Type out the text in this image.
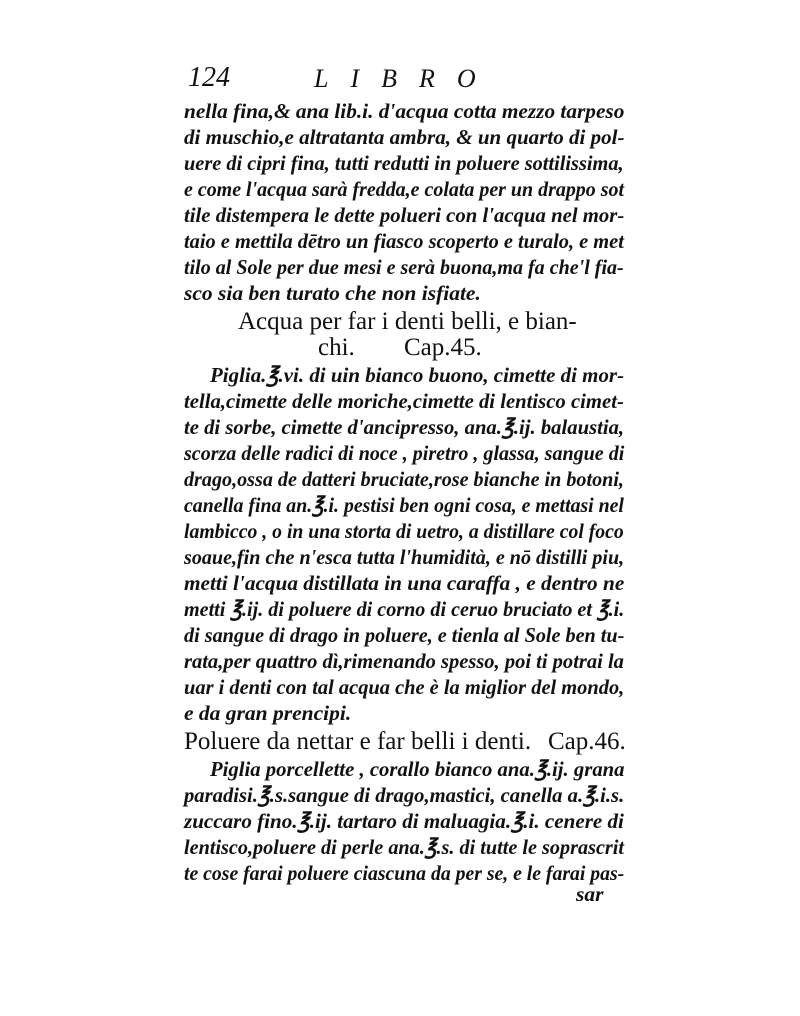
124	LIBRO
nella fina,& ana lib.i. d'acqua cotta mezzo tarpeso
di muschio,e altratanta ambra, & un quarto di pol-
uere di cipri fina, tutti redutti in poluere sottilissima,
e come l'acqua sarà fredda,e colata per un drappo sot
tile distempera le dette polueri con l'acqua nel mor-
taio e mettila dētro un fiasco scoperto e turalo, e met
tilo al Sole per due mesi e serà buona,ma fa che'l fia-
sco sia ben turato che non isfiate.
Acqua per far i denti belli, e bian-
chi. Cap.45.
Piglia.℥.vi. di uin bianco buono, cimette di mor-
tella,cimette delle moriche,cimette di lentisco cimet-
te di sorbe, cimette d'ancipresso, ana.℥.ij. balaustia,
scorza delle radici di noce , piretro , glassa, sangue di
drago,ossa de datteri bruciate,rose bianche in botoni,
canella fina an.℥.i. pestisi ben ogni cosa, e mettasi nel
lambicco , o in una storta di uetro, a distillare col foco
soaue,fin che n'esca tutta l'humidità, e nō distilli piu,
metti l'acqua distillata in una caraffa , e dentro ne
metti ℥.ij. di poluere di corno di ceruo bruciato et ℥.i.
di sangue di drago in poluere, e tienla al Sole ben tu-
rata,per quattro dì,rimenando spesso, poi ti potrai la
uar i denti con tal acqua che è la miglior del mondo,
e da gran prencipi.
Poluere da nettar e far belli i denti. Cap.46.
Piglia porcellette , corallo bianco ana.℥.ij. grana
paradisi.℥.s.sangue di drago,mastici, canella a.℥.i.s.
zuccaro fino.℥.ij. tartaro di maluagia.℥.i. cenere di
lentisco,poluere di perle ana.℥.s. di tutte le soprascrit
te cose farai poluere ciascuna da per se, e le farai pas-
sar
